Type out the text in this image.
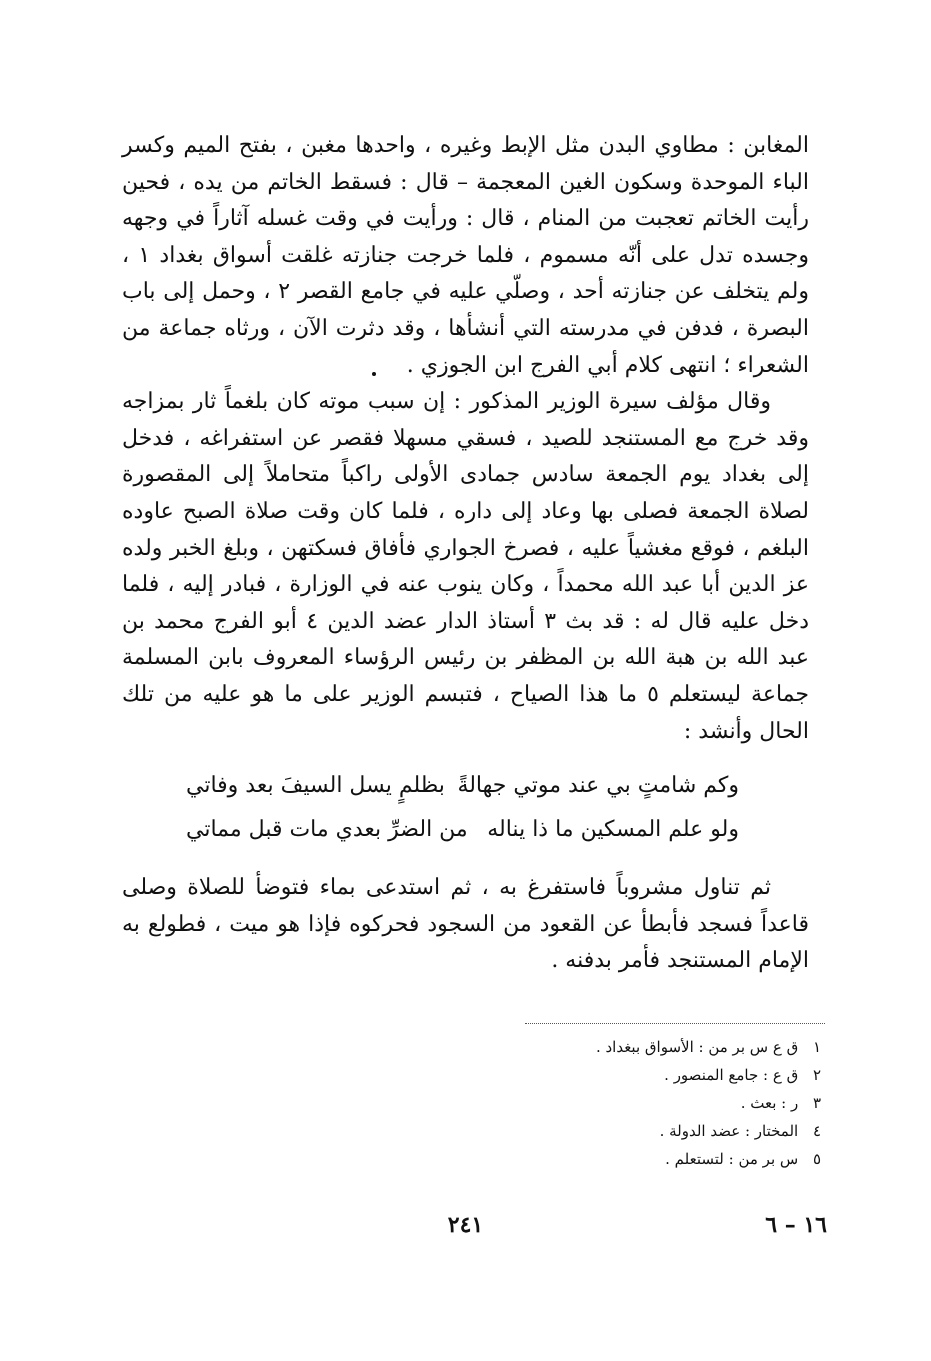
المغابن : مطاوي البدن مثل الإبط وغيره ، واحدها مغبن ، بفتح الميم وكسر الباء الموحدة وسكون الغين المعجمة – قال : فسقط الخاتم من يده ، فحين رأيت الخاتم تعجبت من المنام ، قال : ورأيت في وقت غسله آثاراً في وجهه وجسده تدل على أنّه مسموم ، فلما خرجت جنازته غلقت أسواق بغداد ١ ، ولم يتخلف عن جنازته أحد ، وصلّي عليه في جامع القصر ٢ ، وحمل إلى باب البصرة ، فدفن في مدرسته التي أنشأها ، وقد دثرت الآن ، ورثاه جماعة من الشعراء ؛ انتهى كلام أبي الفرج ابن الجوزي .

وقال مؤلف سيرة الوزير المذكور : إن سبب موته كان بلغماً ثار بمزاجه وقد خرج مع المستنجد للصيد ، فسقي مسهلا فقصر عن استفراغه ، فدخل إلى بغداد يوم الجمعة سادس جمادى الأولى راكباً متحاملاً إلى المقصورة لصلاة الجمعة فصلى بها وعاد إلى داره ، فلما كان وقت صلاة الصبح عاوده البلغم ، فوقع مغشياً عليه ، فصرخ الجواري فأفاق فسكتهن ، وبلغ الخبر ولده عز الدين أبا عبد الله محمداً ، وكان ينوب عنه في الوزارة ، فبادر إليه ، فلما دخل عليه قال له : قد بث ٣ أستاذ الدار عضد الدين ٤ أبو الفرج محمد بن عبد الله بن هبة الله بن المظفر بن رئيس الرؤساء المعروف بابن المسلمة جماعة ليستعلم ٥ ما هذا الصياح ، فتبسم الوزير على ما هو عليه من تلك الحال وأنشد :

وكم شامتٍ بي عند موتي جهالةً
بظلمٍ يسل السيفَ بعد وفاتي
ولو علم المسكين ما ذا يناله
من الضرِّ بعدي مات قبل مماتي

ثم تناول مشروباً فاستفرغ به ، ثم استدعى بماء فتوضأ للصلاة وصلى قاعداً فسجد فأبطأ عن القعود من السجود فحركوه فإذا هو ميت ، فطولع به الإمام المستنجد فأمر بدفنه .

١ ق ع س بر من : الأسواق ببغداد .
٢ ق ع : جامع المنصور .
٣ ر : بعث .
٤ المختار : عضد الدولة .
٥ س بر من : لتستعلم .
٢٤١	١٦ – ٦
